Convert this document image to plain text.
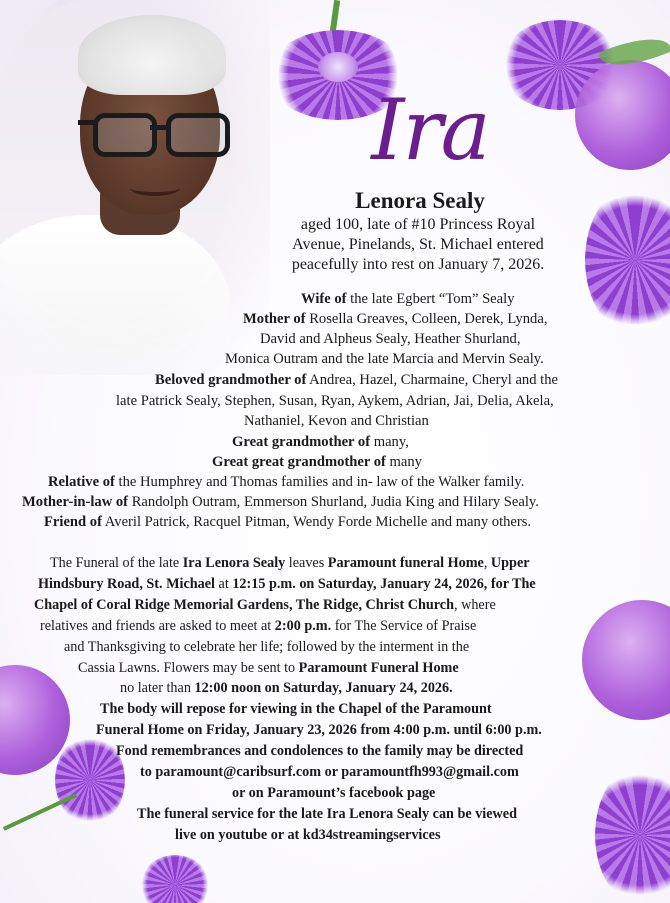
Ira
Lenora Sealy
aged 100, late of #10 Princess Royal
Avenue, Pinelands, St. Michael entered
peacefully into rest on January 7, 2026.
Wife of the late Egbert “Tom” Sealy
Mother of Rosella Greaves, Colleen, Derek, Lynda,
David and Alpheus Sealy, Heather Shurland,
Monica Outram and the late Marcia and Mervin Sealy.
Beloved grandmother of Andrea, Hazel, Charmaine, Cheryl and the
late Patrick Sealy, Stephen, Susan, Ryan, Aykem, Adrian, Jai, Delia, Akela,
Nathaniel, Kevon and Christian
Great grandmother of many,
Great great grandmother of many
Relative of the Humphrey and Thomas families and in- law of the Walker family.
Mother-in-law of Randolph Outram, Emmerson Shurland, Judia King and Hilary Sealy.
Friend of Averil Patrick, Racquel Pitman, Wendy Forde Michelle and many others.
The Funeral of the late Ira Lenora Sealy leaves Paramount funeral Home, Upper
Hindsbury Road, St. Michael at 12:15 p.m. on Saturday, January 24, 2026, for The
Chapel of Coral Ridge Memorial Gardens, The Ridge, Christ Church, where
relatives and friends are asked to meet at 2:00 p.m. for The Service of Praise
and Thanksgiving to celebrate her life; followed by the interment in the
Cassia Lawns. Flowers may be sent to Paramount Funeral Home
no later than 12:00 noon on Saturday, January 24, 2026.
The body will repose for viewing in the Chapel of the Paramount
Funeral Home on Friday, January 23, 2026 from 4:00 p.m. until 6:00 p.m.
Fond remembrances and condolences to the family may be directed
to paramount@caribsurf.com or paramountfh993@gmail.com
or on Paramount’s facebook page
The funeral service for the late Ira Lenora Sealy can be viewed
live on youtube or at kd34streamingservices
